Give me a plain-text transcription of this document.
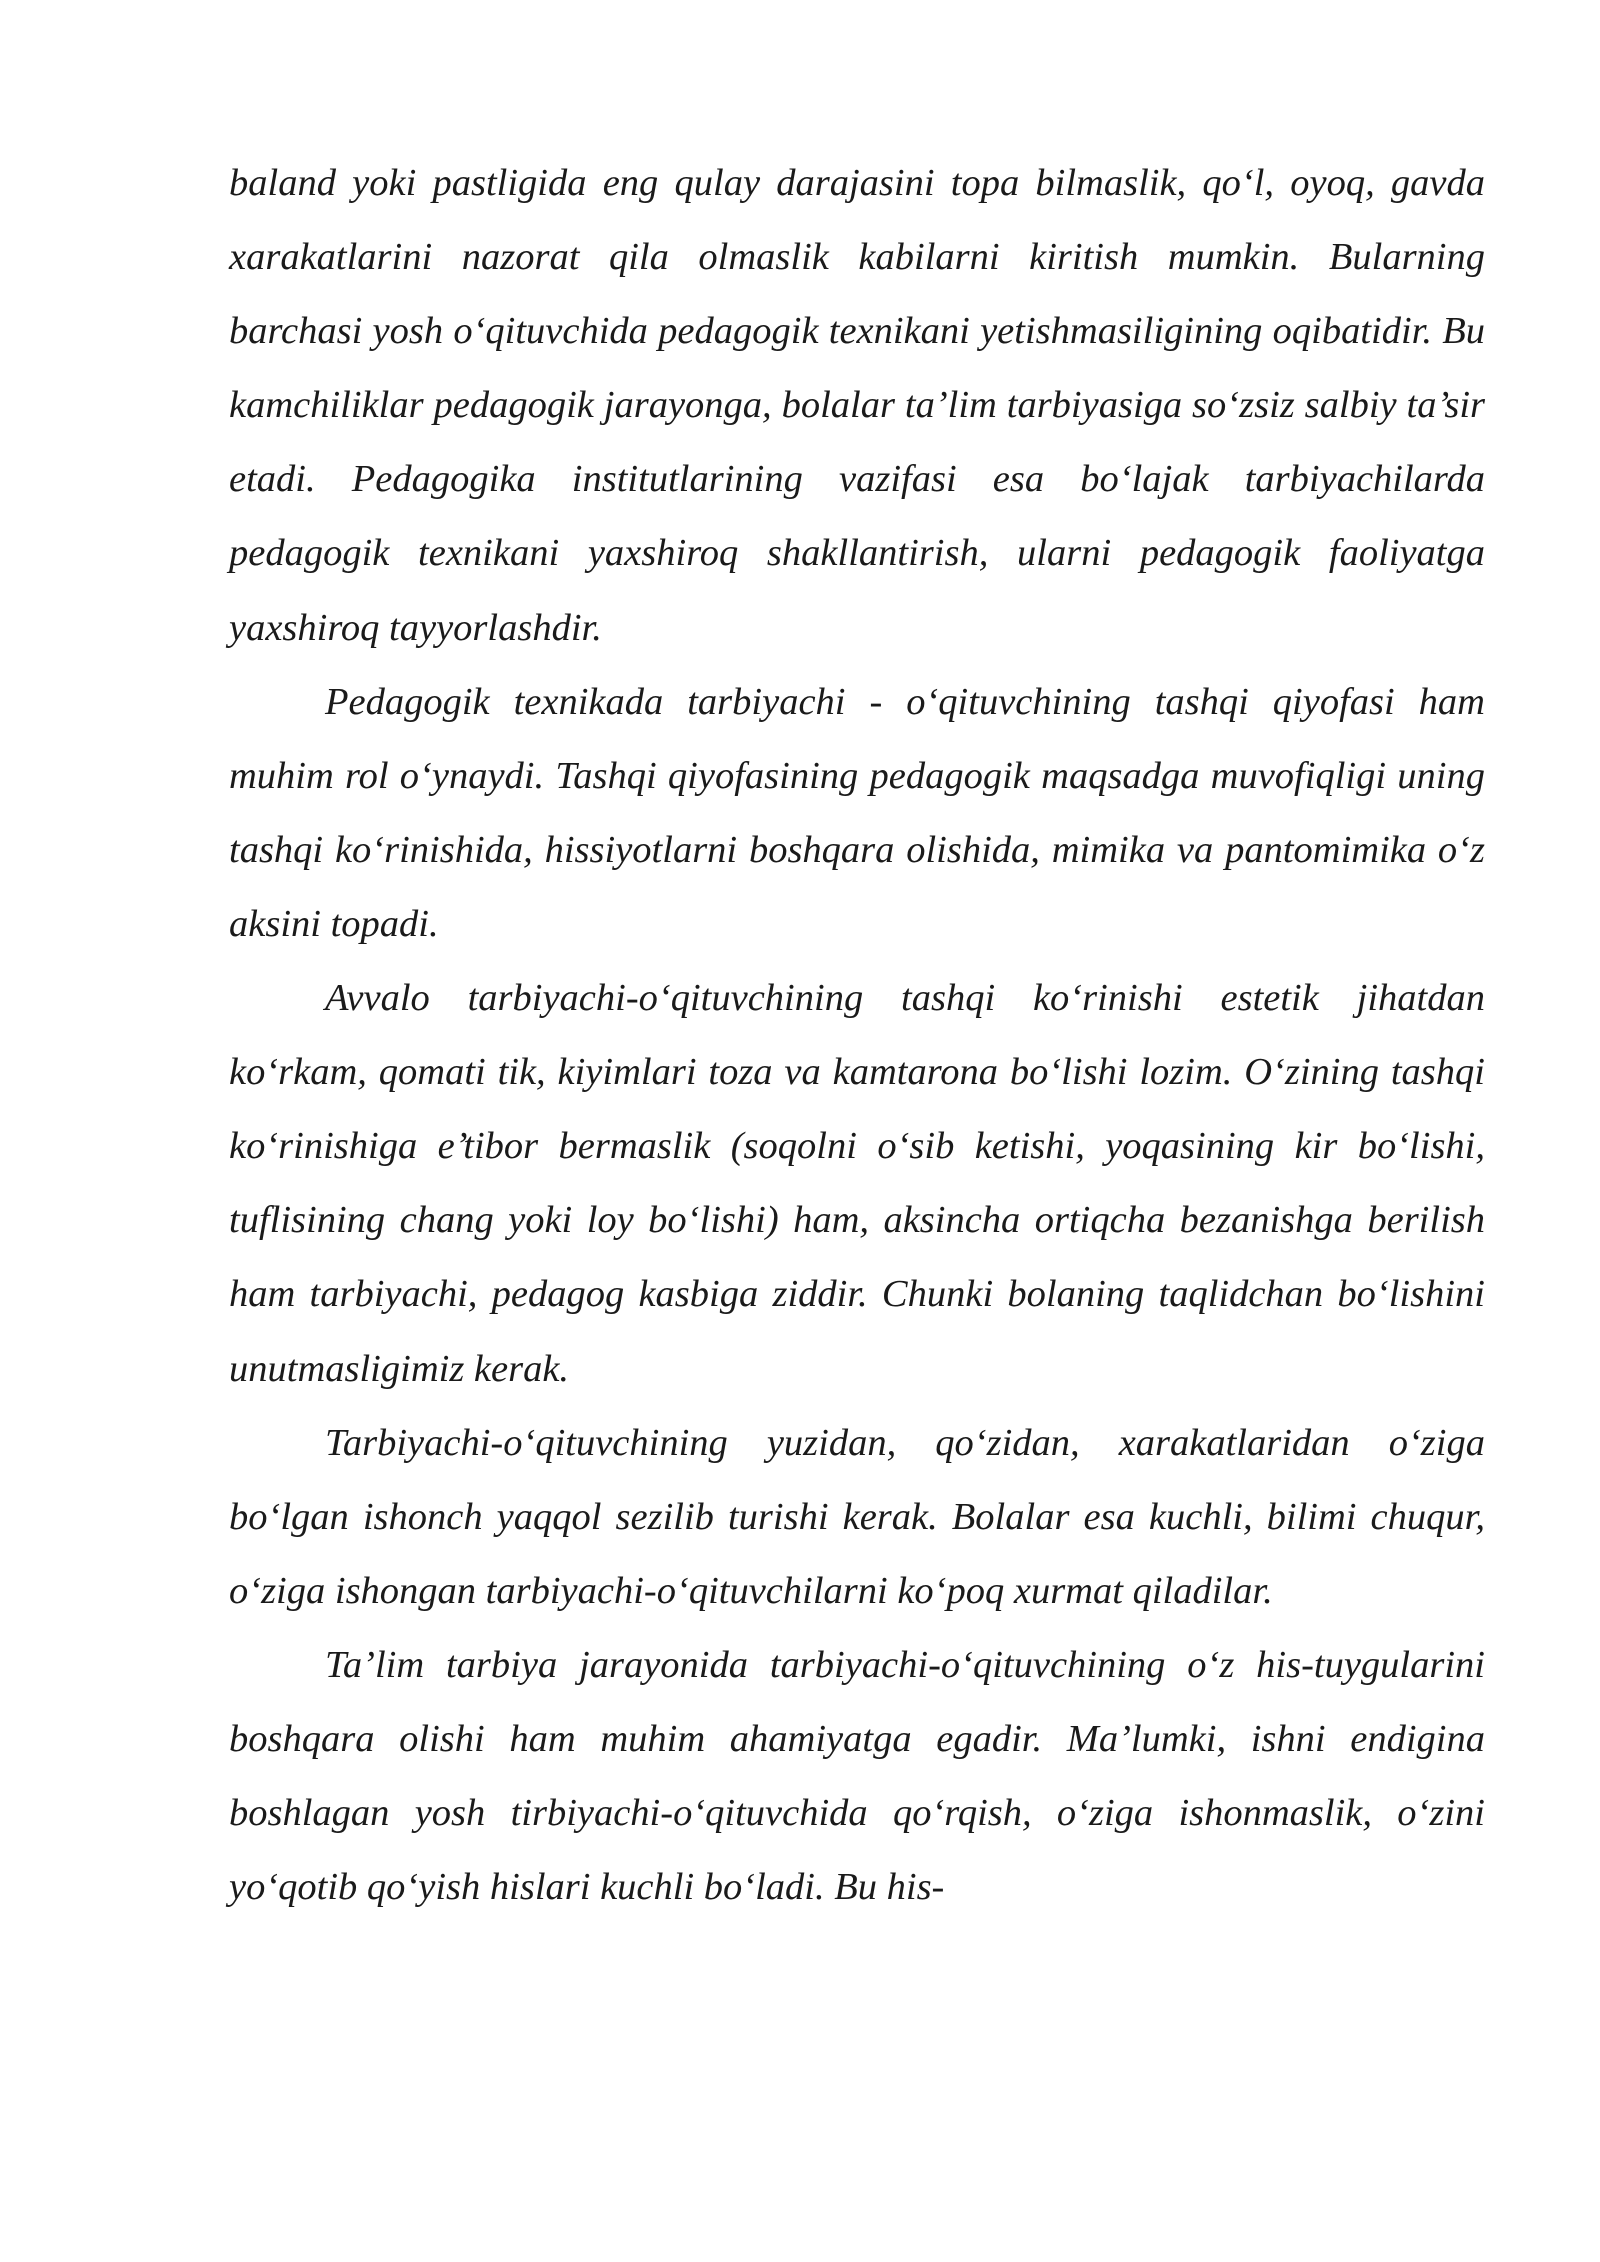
baland yoki pastligida eng qulay darajasini topa bilmaslik, qo‘l, oyoq, gavda xarakatlarini nazorat qila olmaslik kabilarni kiritish mumkin. Bularning barchasi yosh o‘qituvchida pedagogik texnikani yetishmasiligining oqibatidir. Bu kamchiliklar pedagogik jarayonga, bolalar ta’lim tarbiyasiga so‘zsiz salbiy ta’sir etadi. Pedagogika institutlarining vazifasi esa bo‘lajak tarbiyachilarda pedagogik texnikani yaxshiroq shakllantirish, ularni pedagogik faoliyatga yaxshiroq tayyorlashdir.

Pedagogik texnikada tarbiyachi - o‘qituvchining tashqi qiyofasi ham muhim rol o‘ynaydi. Tashqi qiyofasining pedagogik maqsadga muvofiqligi uning tashqi ko‘rinishida, hissiyotlarni boshqara olishida, mimika va pantomimika o‘z aksini topadi.

Avvalo tarbiyachi-o‘qituvchining tashqi ko‘rinishi estetik jihatdan ko‘rkam, qomati tik, kiyimlari toza va kamtarona bo‘lishi lozim. O‘zining tashqi ko‘rinishiga e’tibor bermaslik (soqolni o‘sib ketishi, yoqasining kir bo‘lishi, tuflisining chang yoki loy bo‘lishi) ham, aksincha ortiqcha bezanishga berilish ham tarbiyachi, pedagog kasbiga ziddir. Chunki bolaning taqlidchan bo‘lishini unutmasligimiz kerak.

Tarbiyachi-o‘qituvchining yuzidan, qo‘zidan, xarakatlaridan o‘ziga bo‘lgan ishonch yaqqol sezilib turishi kerak. Bolalar esa kuchli, bilimi chuqur, o‘ziga ishongan tarbiyachi-o‘qituvchilarni ko‘poq xurmat qiladilar.

Ta’lim tarbiya jarayonida tarbiyachi-o‘qituvchining o‘z his-tuygularini boshqara olishi ham muhim ahamiyatga egadir. Ma’lumki, ishni endigina boshlagan yosh tirbiyachi-o‘qituvchida qo‘rqish, o‘ziga ishonmaslik, o‘zini yo‘qotib qo‘yish hislari kuchli bo‘ladi. Bu his-
